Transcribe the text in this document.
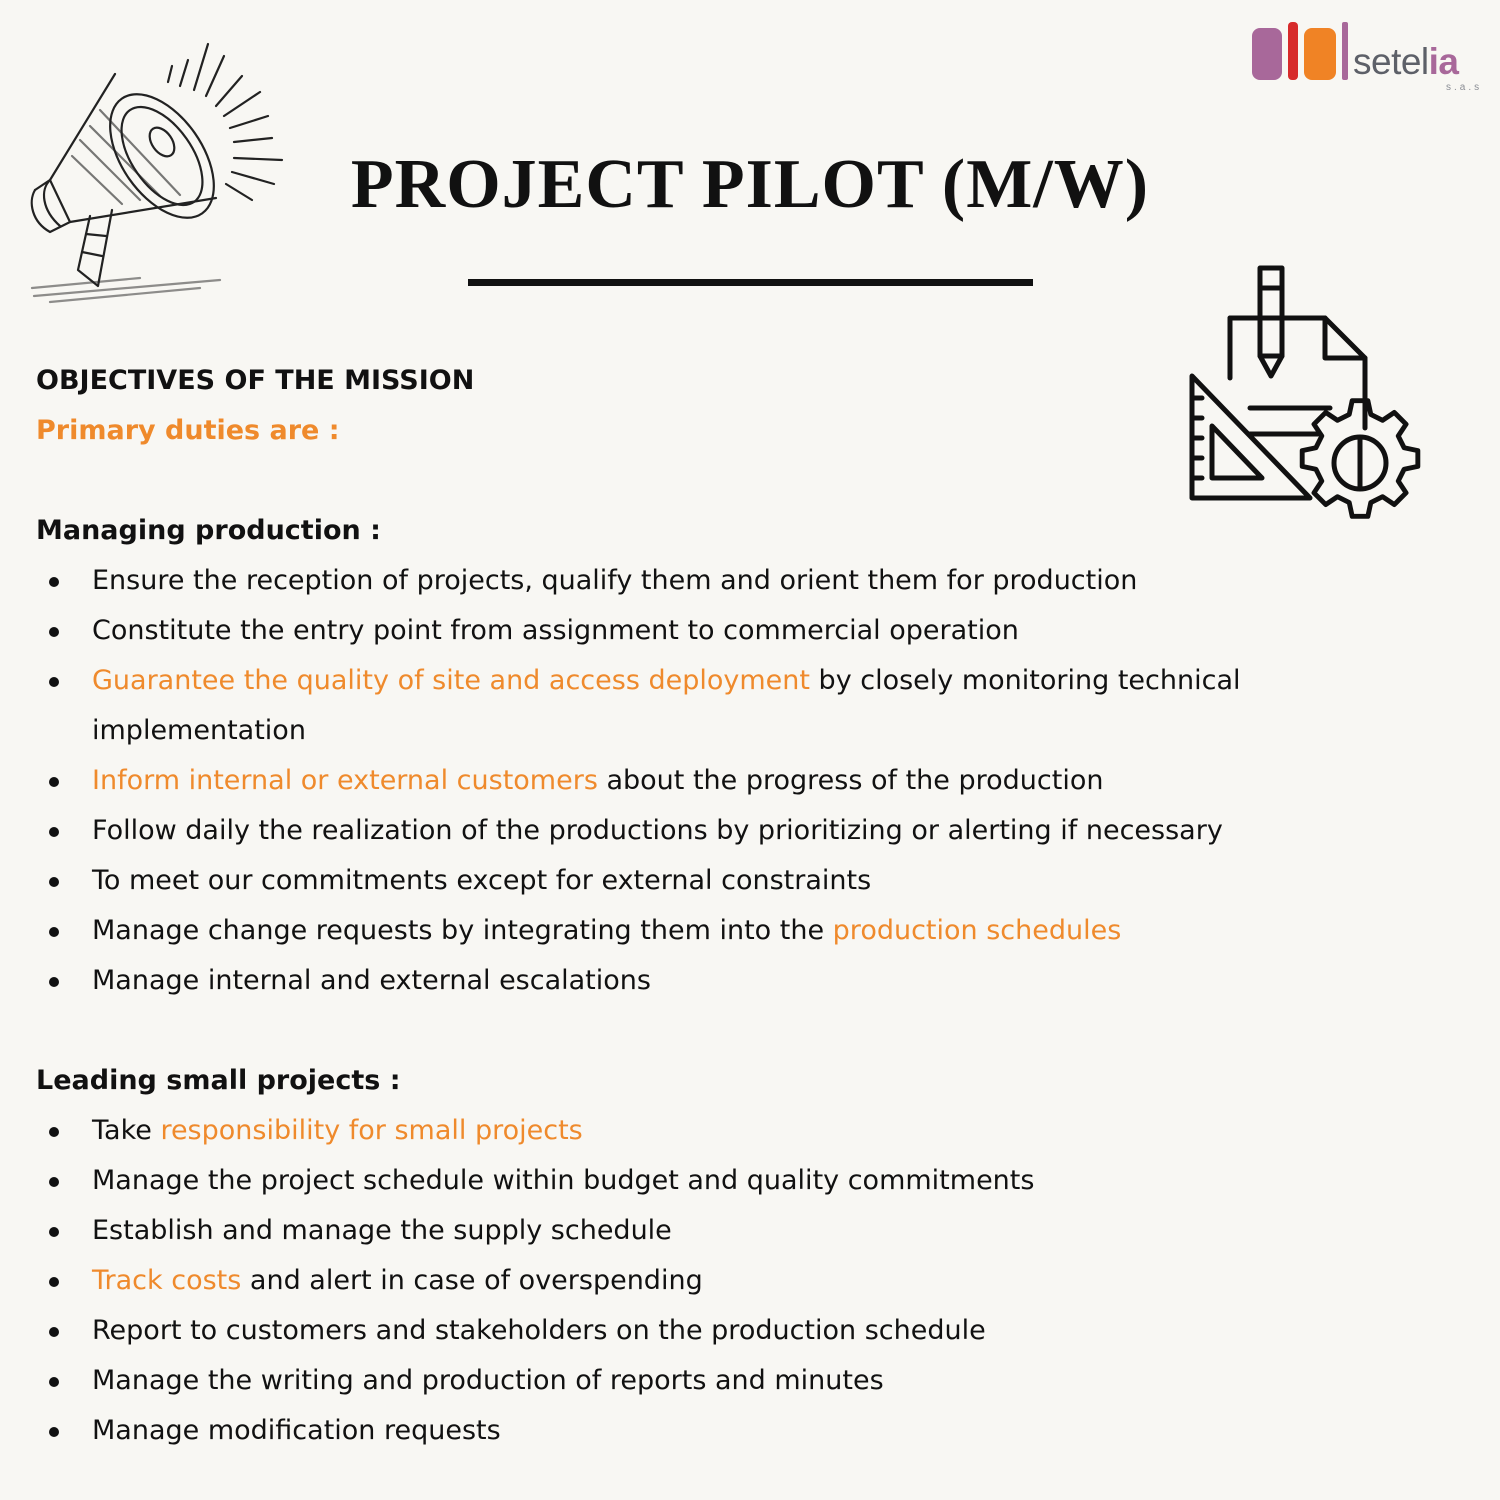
PROJECT PILOT (M/W)
setelia
s.a.s
OBJECTIVES OF THE MISSION
Primary duties are :
Managing production :
Ensure the reception of projects, qualify them and orient them for production
Constitute the entry point from assignment to commercial operation
Guarantee the quality of site and access deployment by closely monitoring technical implementation
Inform internal or external customers about the progress of the production
Follow daily the realization of the productions by prioritizing or alerting if necessary
To meet our commitments except for external constraints
Manage change requests by integrating them into the production schedules
Manage internal and external escalations
Leading small projects :
Take responsibility for small projects
Manage the project schedule within budget and quality commitments
Establish and manage the supply schedule
Track costs and alert in case of overspending
Report to customers and stakeholders on the production schedule
Manage the writing and production of reports and minutes
Manage modification requests
